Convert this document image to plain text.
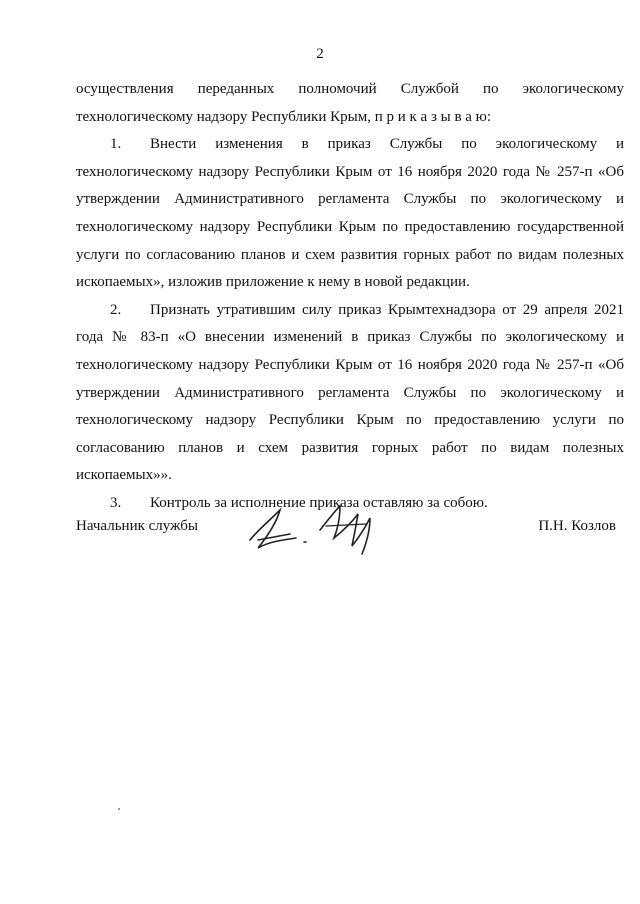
2

осуществления переданных полномочий Службой по экологическому технологическому надзору Республики Крым, п р и к а з ы в а ю:

1. Внести изменения в приказ Службы по экологическому и технологическому надзору Республики Крым от 16 ноября 2020 года № 257-п «Об утверждении Административного регламента Службы по экологическому и технологическому надзору Республики Крым по предоставлению государственной услуги по согласованию планов и схем развития горных работ по видам полезных ископаемых», изложив приложение к нему в новой редакции.

2. Признать утратившим силу приказ Крымтехнадзора от 29 апреля 2021 года № 83-п «О внесении изменений в приказ Службы по экологическому и технологическому надзору Республики Крым от 16 ноября 2020 года № 257-п «Об утверждении Административного регламента Службы по экологическому и технологическому надзору Республики Крым по предоставлению услуги по согласованию планов и схем развития горных работ по видам полезных ископаемых»».

3. Контроль за исполнение приказа оставляю за собою.

Начальник службы	П.Н. Козлов
